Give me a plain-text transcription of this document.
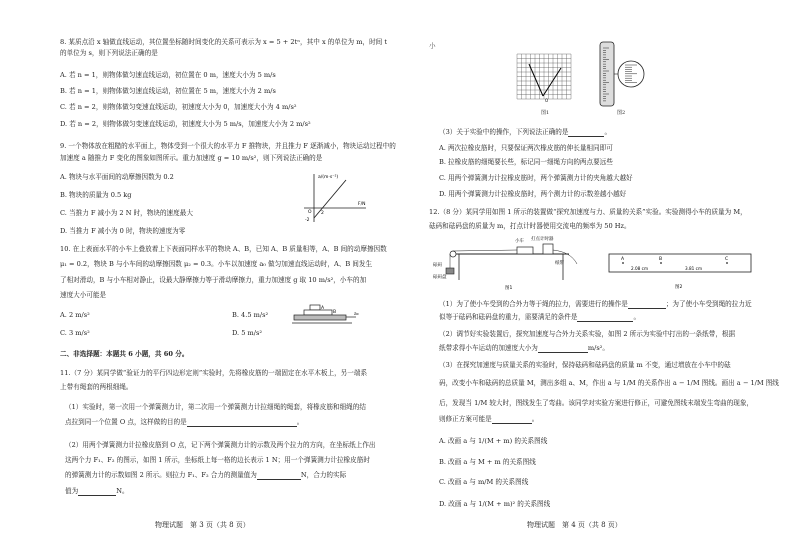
8. 某质点沿 x 轴做直线运动，其位置坐标随时间变化的关系可表示为 x = 5 + 2tⁿ，其中 x 的单位为 m，时间 t
的单位为 s，则下列说法正确的是
A. 若 n = 1，则物体做匀速直线运动，初位置在 0 m，速度大小为 5 m/s
B. 若 n = 1，则物体做匀速直线运动，初位置在 5 m，速度大小为 2 m/s
C. 若 n = 2，则物体做匀变速直线运动，初速度大小为 0，加速度大小为 4 m/s²
D. 若 n = 2，则物体做匀变速直线运动，初速度大小为 5 m/s，加速度大小为 2 m/s²
9. 一个物体放在粗糙的水平面上，物体受到一个很大的水平力 F 推物块，并且推力 F 逐渐减小，物块运动过程中的
加速度 a 随推力 F 变化的图象如图所示。重力加速度 g = 10 m/s²，则下列说法正确的是
A. 物块与水平面间的动摩擦因数为 0.2
B. 物块的质量为 0.5 kg
C. 当推力 F 减小为 2 N 时，物块的速度最大
D. 当推力 F 减小为 0 时，物块的速度为零
a/(m·s⁻²)
F/N
O 2
-2
10. 在上表面水平的小车上叠放着上下表面同样水平的物块 A、B，已知 A、B 质量相等，A、B 间的动摩擦因数
μ₁ = 0.2，物块 B 与小车间的动摩擦因数 μ₂ = 0.3。小车以加速度 a₀ 做匀加速直线运动时，A、B 间发生
了相对滑动，B 与小车相对静止，设最大静摩擦力等于滑动摩擦力，重力加速度 g 取 10 m/s²，小车的加
速度大小可能是
A. 2 m/s²	B. 4.5 m/s²
C. 3 m/s²	D. 5 m/s²
A
B	a₀
二、非选择题：本题共 6 小题，共 60 分。
11.（7 分）某同学做“验证力的平行四边形定则”实验时，先将橡皮筋的一端固定在水平木板上，另一端系
上带有绳套的两根细绳。
（1）实验时，第一次用一个弹簧测力计，第二次用一个弹簧测力计拉细绳的绳套，将橡皮筋和细绳的结
点拉到同一个位置 O 点，这样做的目的是	。
（2）用两个弹簧测力计拉橡皮筋到 O 点，记下两个弹簧测力计的示数及两个拉力的方向，在坐标纸上作出
这两个力 F₁、F₂ 的图示，如图 1 所示，坐标纸上每一格的边长表示 1 N；用一个弹簧测力计拉橡皮筋时
的弹簧测力计的示数如图 2 所示。则拉力 F₁、F₂ 合力的测量值为	N，合力的实际
值为	N。
物理试题　第 3 页（共 8 页）
小
O
图1	图2
（3）关于实验中的操作，下列说法正确的是	。
A. 两次拉橡皮筋时，只要保证两次橡皮筋的伸长量相同即可
B. 拉橡皮筋的细绳要长些，标记同一细绳方向的两点要远些
C. 用两个弹簧测力计拉橡皮筋时，两个弹簧测力计的夹角越大越好
D. 用两个弹簧测力计拉橡皮筋时，两个测力计的示数差越小越好
12.（8 分）某同学用如图 1 所示的装置做“探究加速度与力、质量的关系”实验。实验测得小车的质量为 M，
砝码和砝码盘的质量为 m，打点计时器使用交流电的频率为 50 Hz。
小车 打点计时器
纸带
砝码
砝码盘
图1
A	B	C
2.08 cm	3.81 cm
图2
（1）为了使小车受到的合外力等于绳的拉力，需要进行的操作是	；为了使小车受到绳的拉力近
似等于砝码和砝码盘的重力，需要满足的条件是	。
（2）调节好实验装置后，探究加速度与合外力关系实验，如图 2 所示为实验中打出的一条纸带，根据
纸带求得小车运动的加速度大小为	m/s²。
（3）在探究加速度与质量关系的实验时，保持砝码和砝码盘的质量 m 不变，通过增放在小车中的砝
码，改变小车和砝码的总质量 M，测出多组 a、M，作出 a 与 1/M 的关系作出 a − 1/M 图线。画出 a − 1/M 图线
后，发现当 1/M 较大时，图线发生了弯曲。该同学对实验方案进行修正，可避免图线末端发生弯曲的现象，
则修正方案可能是	。
A. 改画 a 与 1/(M + m) 的关系图线
B. 改画 a 与 M + m 的关系图线
C. 改画 a 与 m/M 的关系图线
D. 改画 a 与 1/(M + m)² 的关系图线
物理试题　第 4 页（共 8 页）
